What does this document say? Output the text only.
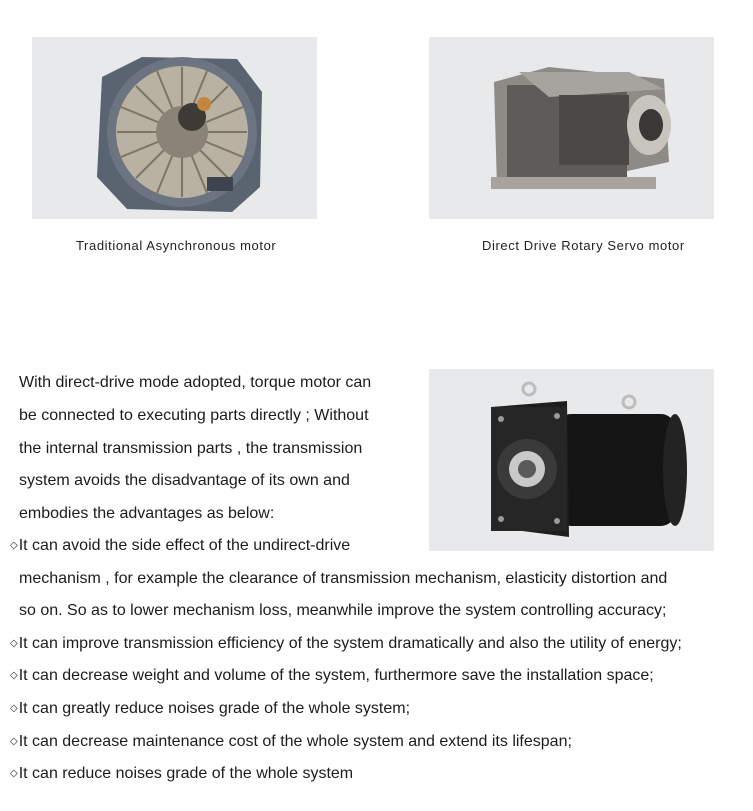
Traditional Asynchronous motor	Direct Drive Rotary Servo motor
With direct-drive mode adopted, torque motor can
be connected to executing parts directly ; Without
the internal transmission parts , the transmission
system avoids the disadvantage of its own and
embodies the advantages as below:
◇It can avoid the side effect of the undirect-drive
mechanism , for example the clearance of transmission mechanism, elasticity distortion and
so on. So as to lower mechanism loss, meanwhile improve the system controlling accuracy;
◇It can improve transmission efficiency of the system dramatically and also the utility of energy;
◇It can decrease weight and volume of the system, furthermore save the installation space;
◇It can greatly reduce noises grade of the whole system;
◇It can decrease maintenance cost of the whole system and extend its lifespan;
◇It can reduce noises grade of the whole system
